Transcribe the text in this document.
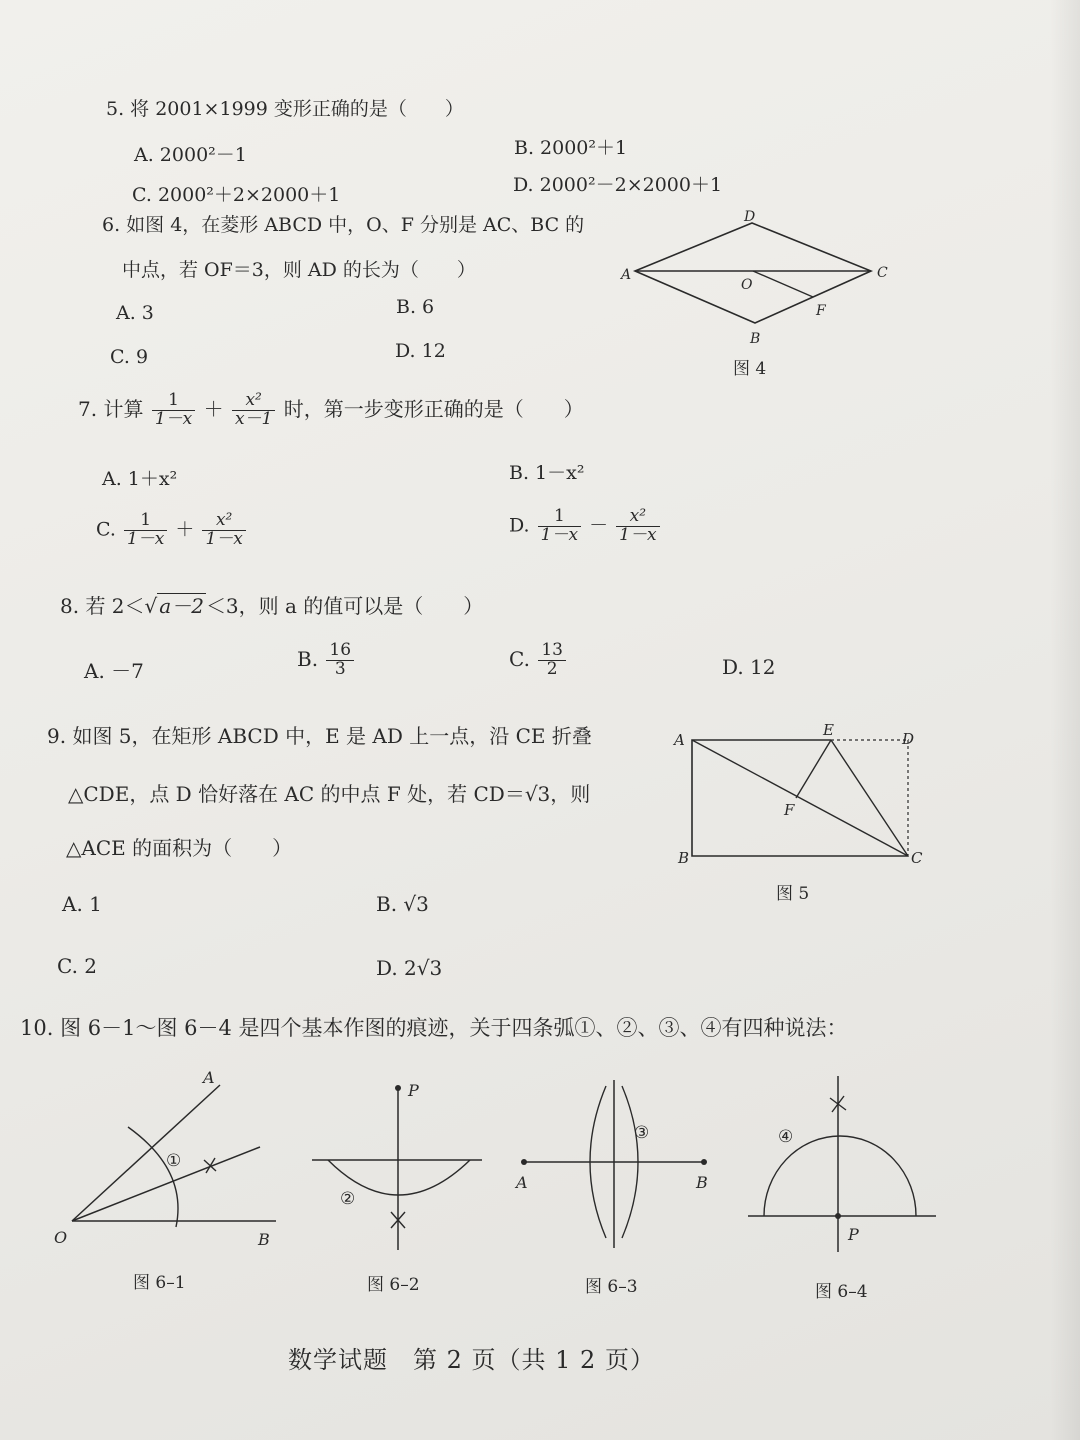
5. 将 2001×1999 变形正确的是（　　）
A. 2000²－1	B. 2000²＋1
C. 2000²＋2×2000＋1	D. 2000²－2×2000＋1
6. 如图 4，在菱形 ABCD 中，O、F 分别是 AC、BC 的
中点，若 OF＝3，则 AD 的长为（　　）
A. 3	B. 6
C. 9	D. 12
D
A	C
O
F
B
图 4
7. 计算 $\frac{1}{1-x} + \frac{\text{x²}}{x-1}$ 时，第一步变形正确的是（　　）
A. 1＋x²	B. 1－x²
C. $\frac{1}{1-x} + \frac{\text{x²}}{1-x}$	D. $\frac{1}{1-x} - \frac{\text{x²}}{1-x}$
8. 若 2＜√ a－2 ＜3，则 a 的值可以是（　　）
A. －7
B. $\frac{16}{3}$	C. $\frac{13}{2}$	D. 12
9. 如图 5，在矩形 ABCD 中，E 是 AD 上一点，沿 CE 折叠
△CDE，点 D 恰好落在 AC 的中点 F 处，若 CD＝√3，则
△ACE 的面积为（　　）
A. 1	B. √3
C. 2	D. 2√3
A
E	D
F
B	C
图 5
10. 图 6－1～图 6－4 是四个基本作图的痕迹，关于四条弧①、②、③、④有四种说法：
①
A
O	B
图 6–1
P
②
图 6–2
③
A	B
图 6–3
④
P
图 6–4
数学试题　第 2 页（共 1 2 页）
